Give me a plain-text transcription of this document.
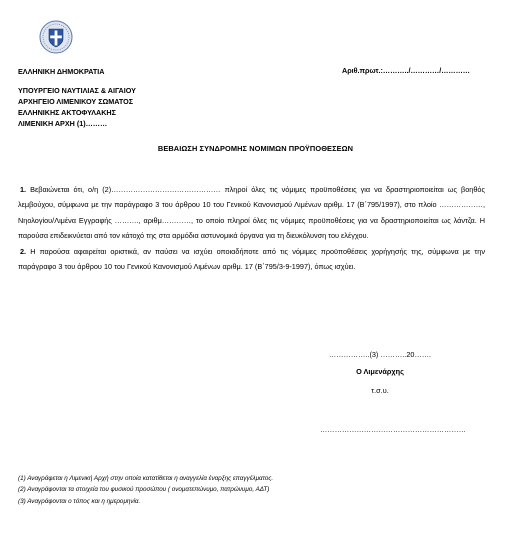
ΕΛΛΗΝΙΚΗ ΔΗΜΟΚΡΑΤΙΑ
ΥΠΟΥΡΓΕΙΟ ΝΑΥΤΙΛΙΑΣ & ΑΙΓΑΙΟΥ
ΑΡΧΗΓΕΙΟ ΛΙΜΕΝΙΚΟΥ ΣΩΜΑΤΟΣ
ΕΛΛΗΝΙΚΗΣ ΑΚΤΟΦΥΛΑΚΗΣ
ΛΙΜΕΝΙΚΗ ΑΡΧΗ (1)………
Αριθ.πρωτ.:………../…………/…………
ΒΕΒΑΙΩΣΗ ΣΥΝΔΡΟΜΗΣ ΝΟΜΙΜΩΝ ΠΡΟΫΠΟΘΕΣΕΩΝ

1. Βεβαιώνεται ότι, ο/η (2)……………………………………… πληροί όλες τις νόμιμες προϋποθέσεις για να δραστηριοποιείται ως βοηθός λεμβούχου, σύμφωνα με την παράγραφο 3 του άρθρου 10 του Γενικού Κανονισμού Λιμένων αριθμ. 17 (Β΄795/1997), στο πλοίο ………………, Νηολογίου/Λιμένα Εγγραφής ………., αριθμ…………, το οποίο πληροί όλες τις νόμιμες προϋποθέσεις για να δραστηριοποιείται ως λάντζα. Η παρούσα επιδεικνύεται από τον κάτοχό της στα αρμόδια αστυνομικά όργανα για τη διευκόλυνση του ελέγχου.

2. Η παρούσα αφαιρείται οριστικά, αν παύσει να ισχύει οποιαδήποτε από τις νόμιμες προϋποθέσεις χορήγησής της, σύμφωνα με την παράγραφο 3 του άρθρου 10 του Γενικού Κανονισμού Λιμένων αριθμ. 17 (Β΄795/3-9-1997), όπως ισχύει.

……………..(3) ………..20…….
Ο Λιμενάρχης
τ.σ.υ.
……………………………………………………
(1) Αναγράφεται η Λιμενική Αρχή στην οποία κατατίθεται η αναγγελία έναρξης επαγγέλματος.
(2) Αναγράφονται τα στοιχεία του φυσικού προσώπου ( ονοματεπώνυμο, πατρώνυμο, ΑΔΤ)
(3) Αναγράφονται ο τόπος και η ημερομηνία.
